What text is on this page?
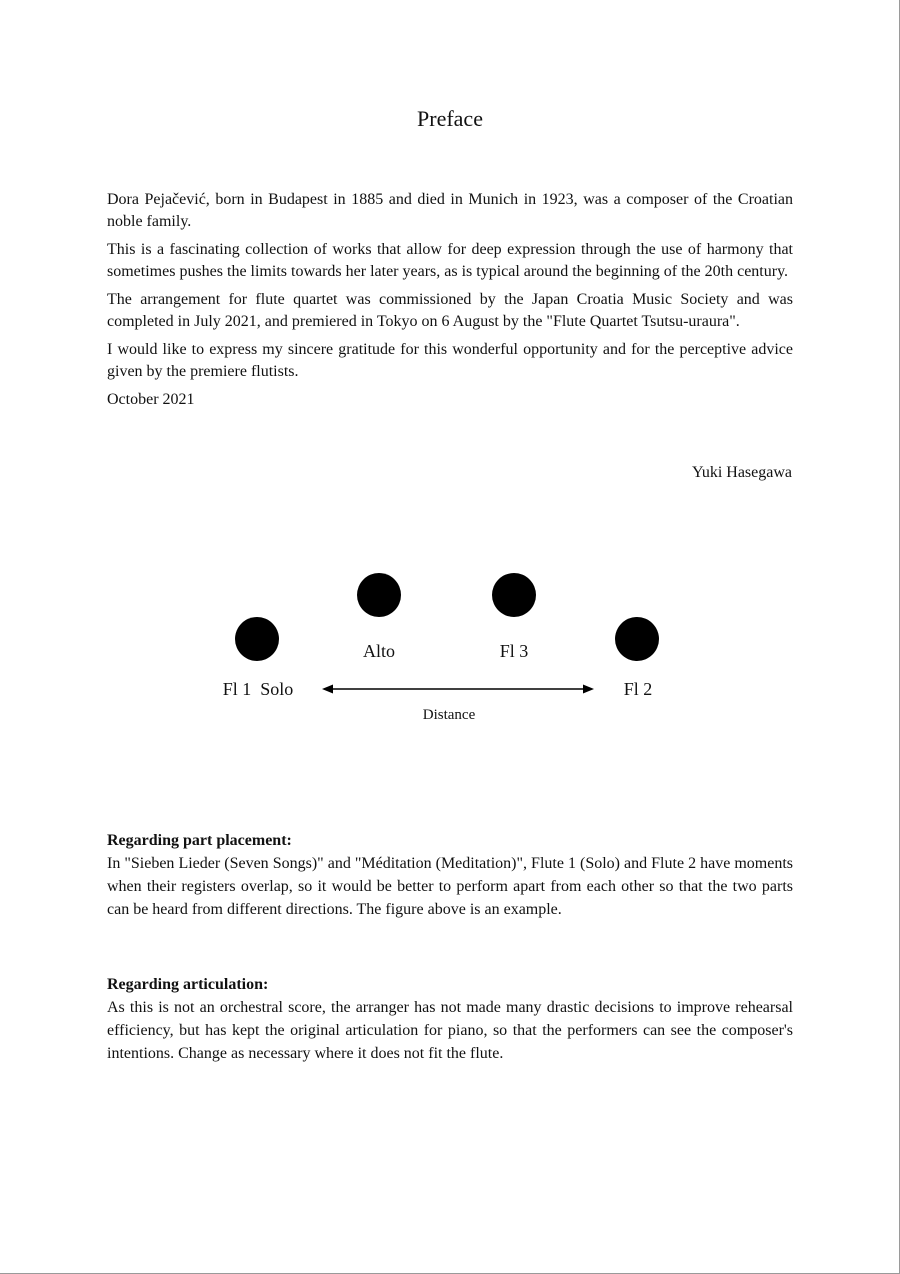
Preface

Dora Pejačević, born in Budapest in 1885 and died in Munich in 1923, was a composer of the Croatian noble family.

This is a fascinating collection of works that allow for deep expression through the use of harmony that sometimes pushes the limits towards her later years, as is typical around the beginning of the 20th century.

The arrangement for flute quartet was commissioned by the Japan Croatia Music Society and was completed in July 2021, and premiered in Tokyo on 6 August by the "Flute Quartet Tsutsu-uraura".

I would like to express my sincere gratitude for this wonderful opportunity and for the perceptive advice given by the premiere flutists.

October 2021

Yuki Hasegawa
Alto	Fl 3
Fl 1  Solo	Fl 2
Distance
Regarding part placement:

In "Sieben Lieder (Seven Songs)" and "Méditation (Meditation)", Flute 1 (Solo) and Flute 2 have moments when their registers overlap, so it would be better to perform apart from each other so that the two parts can be heard from different directions. The figure above is an example.

Regarding articulation:

As this is not an orchestral score, the arranger has not made many drastic decisions to improve rehearsal efficiency, but has kept the original articulation for piano, so that the performers can see the composer's intentions. Change as necessary where it does not fit the flute.
